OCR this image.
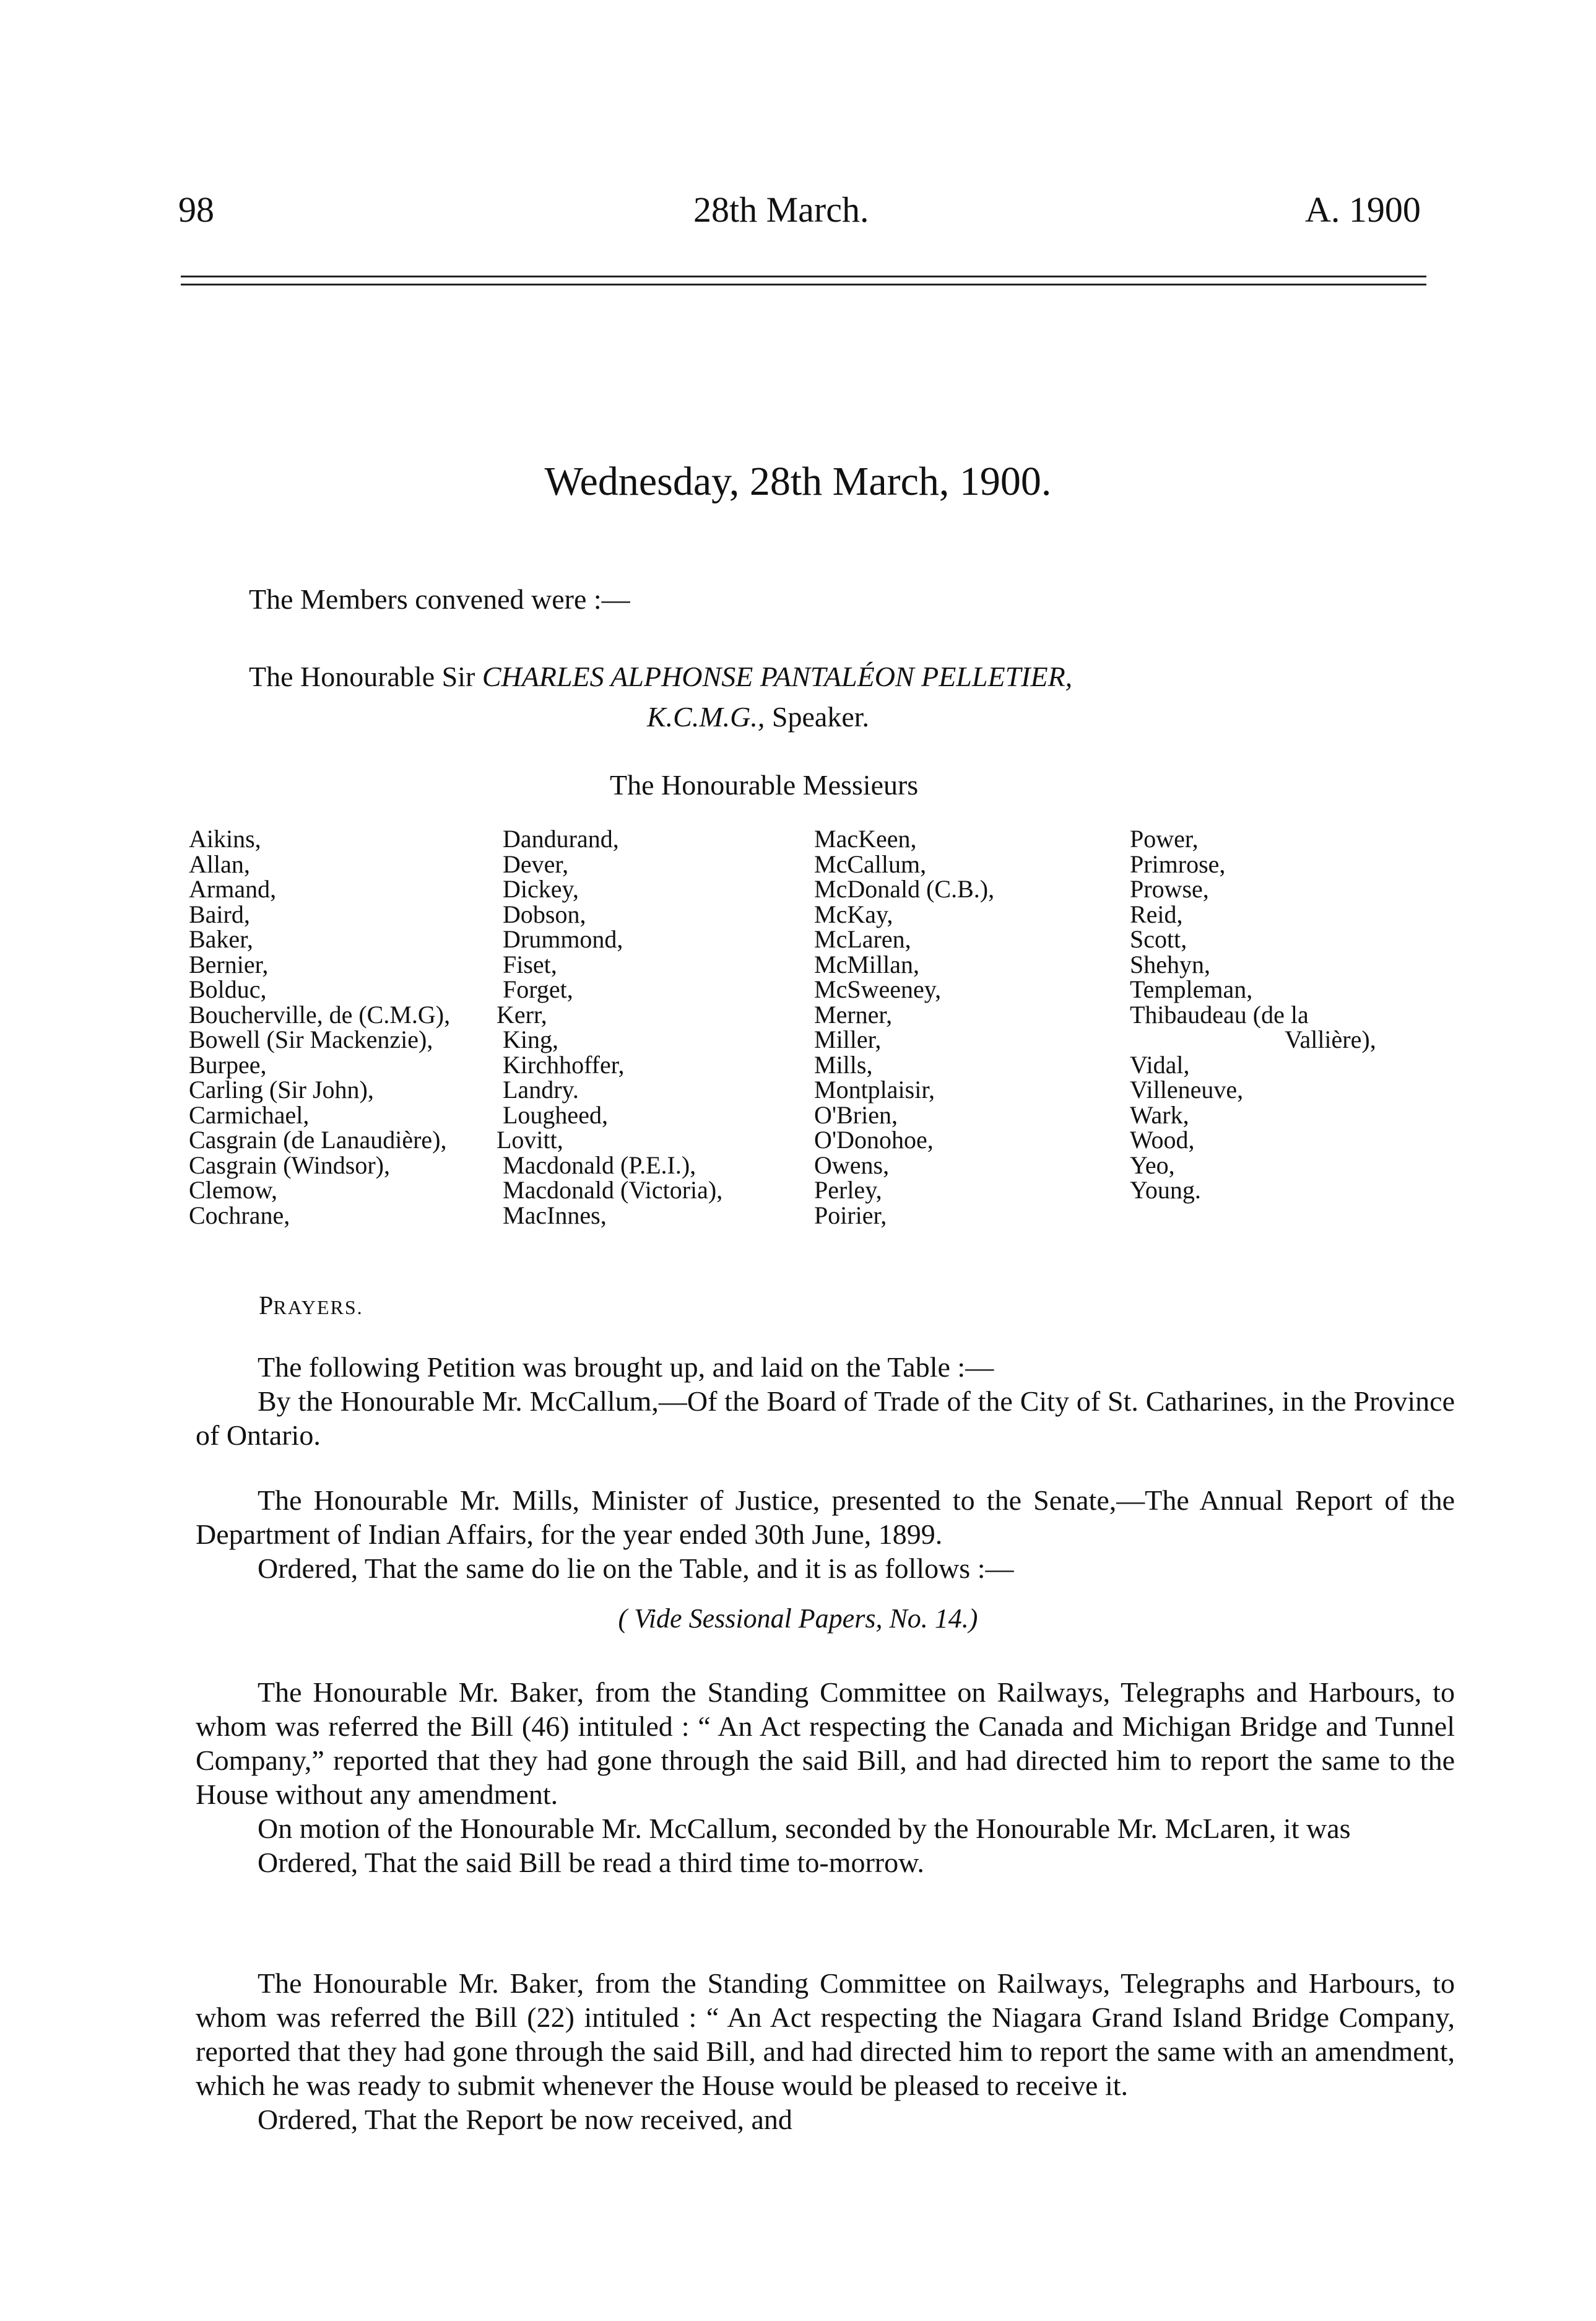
98	28th March.	A. 1900
Wednesday, 28th March, 1900.
The Members convened were :—
The Honourable Sir CHARLES ALPHONSE PANTALÉON PELLETIER,
K.C.M.G., Speaker.
The Honourable Messieurs
Aikins,
Allan,
Armand,
Baird,
Baker,
Bernier,
Bolduc,
Boucherville, de (C.M.G),
Bowell (Sir Mackenzie),
Burpee,
Carling (Sir John),
Carmichael,
Casgrain (de Lanaudière),
Casgrain (Windsor),
Clemow,
Cochrane,
Dandurand,
Dever,
Dickey,
Dobson,
Drummond,
Fiset,
Forget,
Kerr,
King,
Kirchhoffer,
Landry.
Lougheed,
Lovitt,
Macdonald (P.E.I.),
Macdonald (Victoria),
MacInnes,
MacKeen,
McCallum,
McDonald (C.B.),
McKay,
McLaren,
McMillan,
McSweeney,
Merner,
Miller,
Mills,
Montplaisir,
O'Brien,
O'Donohoe,
Owens,
Perley,
Poirier,
Power,
Primrose,
Prowse,
Reid,
Scott,
Shehyn,
Templeman,
Thibaudeau (de la
Vallière),
Vidal,
Villeneuve,
Wark,
Wood,
Yeo,
Young.
PRAYERS.
The following Petition was brought up, and laid on the Table :—
By the Honourable Mr. McCallum,—Of the Board of Trade of the City of St. Catharines, in the Province of Ontario.
The Honourable Mr. Mills, Minister of Justice, presented to the Senate,—The Annual Report of the Department of Indian Affairs, for the year ended 30th June, 1899.
Ordered, That the same do lie on the Table, and it is as follows :—
( Vide Sessional Papers, No. 14.)
The Honourable Mr. Baker, from the Standing Committee on Railways, Telegraphs and Harbours, to whom was referred the Bill (46) intituled : “ An Act respecting the Canada and Michigan Bridge and Tunnel Company,” reported that they had gone through the said Bill, and had directed him to report the same to the House without any amendment.
On motion of the Honourable Mr. McCallum, seconded by the Honourable Mr. McLaren, it was
Ordered, That the said Bill be read a third time to-morrow.
The Honourable Mr. Baker, from the Standing Committee on Railways, Telegraphs and Harbours, to whom was referred the Bill (22) intituled : “ An Act respecting the Niagara Grand Island Bridge Company, reported that they had gone through the said Bill, and had directed him to report the same with an amendment, which he was ready to submit whenever the House would be pleased to receive it.
Ordered, That the Report be now received, and
